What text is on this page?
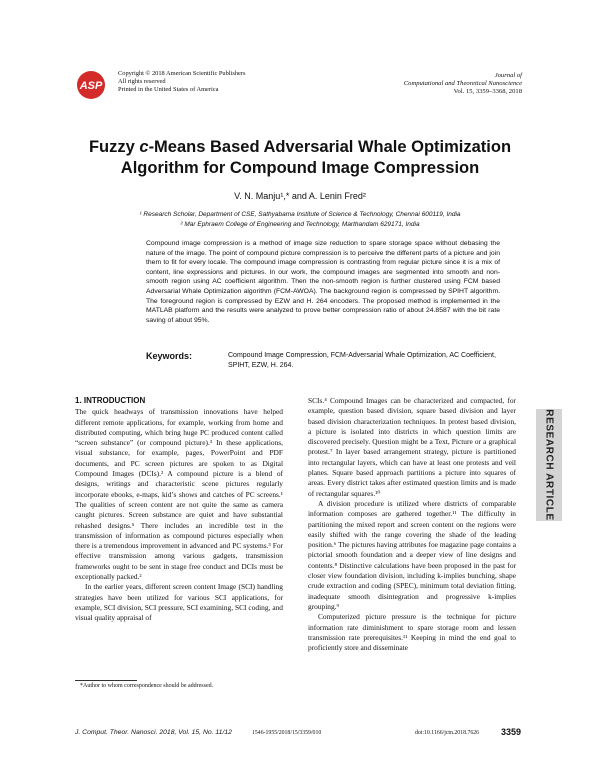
ASP
Copyright © 2018 American Scientific Publishers
All rights reserved
Printed in the United States of America
Journal of
Computational and Theoretical Nanoscience
Vol. 15, 3359–3368, 2018
Fuzzy c-Means Based Adversarial Whale Optimization Algorithm for Compound Image Compression
V. N. Manju¹,* and A. Lenin Fred²
¹ Research Scholar, Department of CSE, Sathyabama Institute of Science & Technology, Chennai 600119, India
² Mar Ephraem College of Engineering and Technology, Marthandam 629171, India
Compound image compression is a method of image size reduction to spare storage space without debasing the nature of the image. The point of compound picture compression is to perceive the different parts of a picture and join them to fit for every locale. The compound image compression is contrasting from regular picture since it is a mix of content, line expressions and pictures. In our work, the compound images are segmented into smooth and non-smooth region using AC coefficient algorithm. Then the non-smooth region is further clustered using FCM based Adversarial Whale Optimization algorithm (FCM-AWOA). The background region is compressed by SPIHT algorithm. The foreground region is compressed by EZW and H. 264 encoders. The proposed method is implemented in the MATLAB platform and the results were analyzed to prove better compression ratio of about 24.8587 with the bit rate saving of about 95%.
Keywords:	Compound Image Compression, FCM-Adversarial Whale Optimization, AC Coefficient, SPIHT, EZW, H. 264.
1. INTRODUCTION

The quick headways of transmission innovations have helped different remote applications, for example, working from home and distributed computing, which bring huge PC produced content called “screen substance” (or compound picture).³ In these applications, visual substance, for example, pages, PowerPoint and PDF documents, and PC screen pictures are spoken to as Digital Compound Images (DCIs).² A compound picture is a blend of designs, writings and characteristic scene pictures regularly incorporate ebooks, e-maps, kid’s shows and catches of PC screens.¹ The qualities of screen content are not quite the same as camera caught pictures. Screen substance are quiet and have substantial rehashed designs.⁵ There includes an incredible test in the transmission of information as compound pictures especially when there is a tremendous improvement in advanced and PC systems.³ For effective transmission among various gadgets, transmission frameworks ought to be sent in stage free conduct and DCIs must be exceptionally packed.²

In the earlier years, different screen content Image (SCI) handling strategies have been utilized for various SCI applications, for example, SCI division, SCI pressure, SCI examining, SCI coding, and visual quality appraisal of

SCIs.⁴ Compound Images can be characterized and compacted, for example, question based division, square based division and layer based division characterization techniques. In protest based division, a picture is isolated into districts in which question limits are discovered precisely. Question might be a Text, Picture or a graphical protest.⁷ In layer based arrangement strategy, picture is partitioned into rectangular layers, which can have at least one protests and veil planes. Square based approach partitions a picture into squares of areas. Every district takes after estimated question limits and is made of rectangular squares.¹⁰

A division procedure is utilized where districts of comparable information composes are gathered together.¹¹ The difficulty in partitioning the mixed report and screen content on the regions were easily shifted with the range covering the shade of the leading position.⁶ The pictures having attributes foe magazine page contains a pictorial smooth foundation and a deeper view of line designs and contents.⁸ Distinctive calculations have been proposed in the past for closer view foundation division, including k-implies bunching, shape crude extraction and coding (SPEC), minimum total deviation fitting, inadequate smooth disintegration and progressive k-implies grouping.⁹

Computerized picture pressure is the technique for picture information rate diminishment to spare storage room and lessen transmission rate prerequisites.¹¹ Keeping in mind the end goal to proficiently store and disseminate

RESEARCH ARTICLE
*Author to whom correspondence should be addressed.
J. Comput. Theor. Nanosci. 2018, Vol. 15, No. 11/12	1546-1955/2018/15/3359/010	doi:10.1166/jctn.2018.7626 3359
